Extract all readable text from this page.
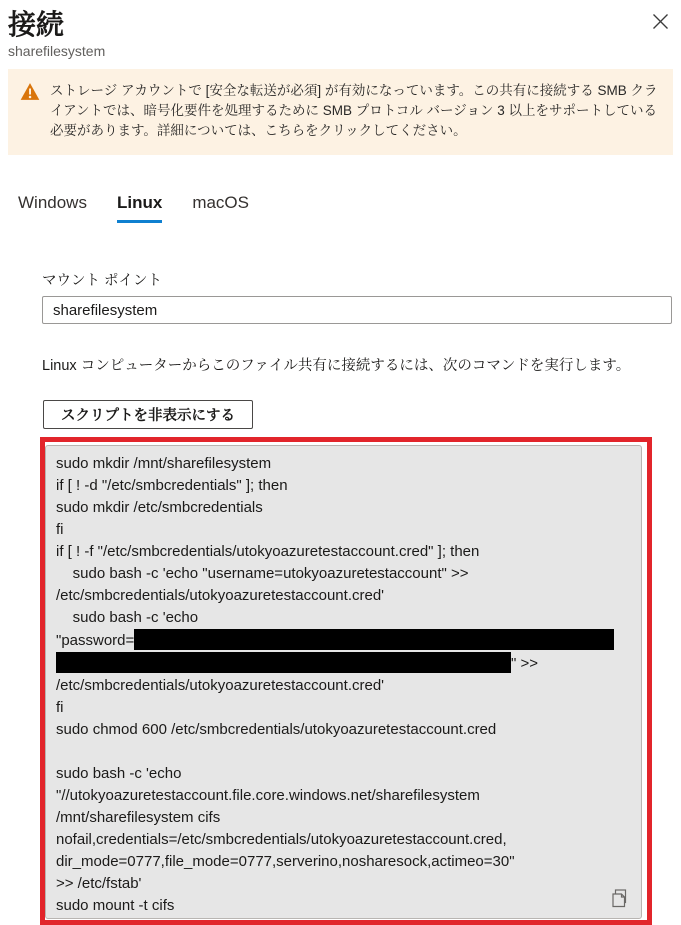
接続
sharefilesystem
ストレージ アカウントで [安全な転送が必須] が有効になっています。この共有に接続する SMB クライアントでは、暗号化要件を処理するために SMB プロトコル バージョン 3 以上をサポートしている必要があります。詳細については、こちらをクリックしてください。
Windows Linux macOS
マウント ポイント
sharefilesystem
Linux コンピューターからこのファイル共有に接続するには、次のコマンドを実行します。
スクリプトを非表示にする
sudo mkdir /mnt/sharefilesystem
if [ ! -d "/etc/smbcredentials" ]; then
sudo mkdir /etc/smbcredentials
fi
if [ ! -f "/etc/smbcredentials/utokyoazuretestaccount.cred" ]; then
sudo bash -c 'echo "username=utokyoazuretestaccount" >>
/etc/smbcredentials/utokyoazuretestaccount.cred'
sudo bash -c 'echo
"password=
" >>
/etc/smbcredentials/utokyoazuretestaccount.cred'
fi
sudo chmod 600 /etc/smbcredentials/utokyoazuretestaccount.cred

sudo bash -c 'echo
"//utokyoazuretestaccount.file.core.windows.net/sharefilesystem
/mnt/sharefilesystem cifs
nofail,credentials=/etc/smbcredentials/utokyoazuretestaccount.cred,
dir_mode=0777,file_mode=0777,serverino,nosharesock,actimeo=30"
>> /etc/fstab'
sudo mount -t cifs
